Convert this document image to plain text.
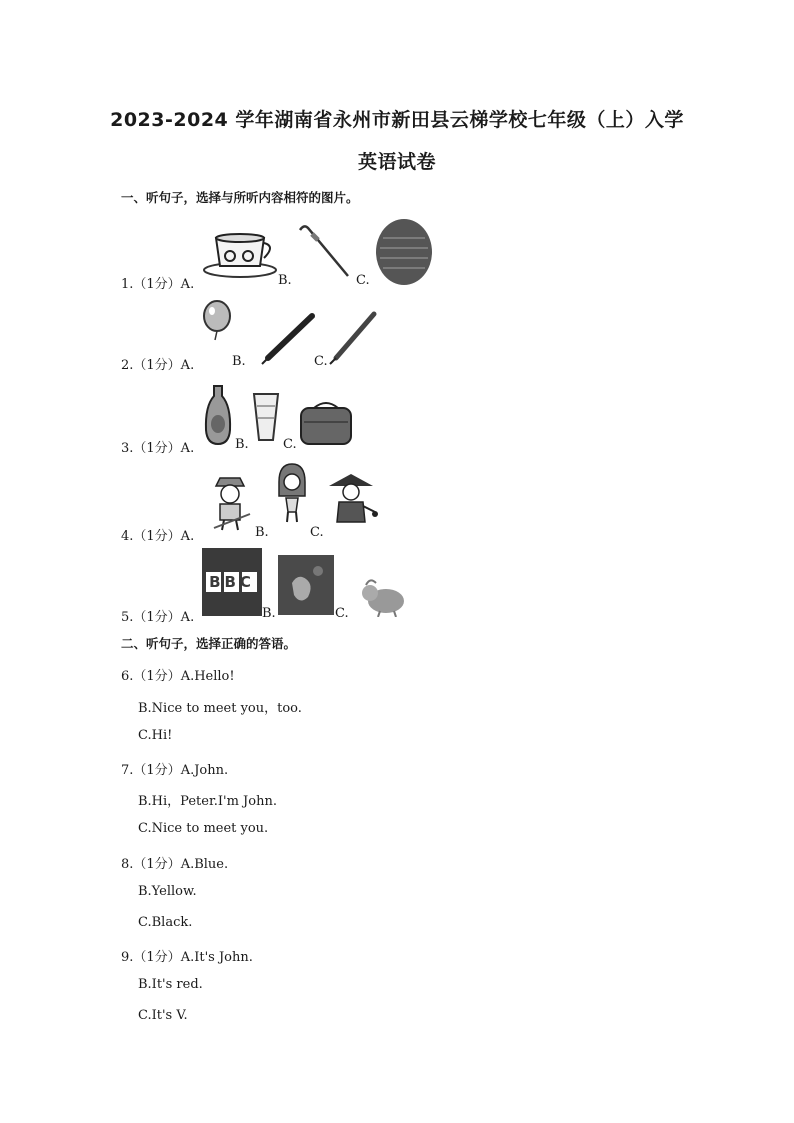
2023-2024 学年湖南省永州市新田县云梯学校七年级（上）入学
英语试卷
一、听句子，选择与所听内容相符的图片。
1.（1分）A.	B.	C.
2.（1分）A.	B.	C.
3.（1分）A.	B.	C.
4.（1分）A.	B.	C.
5.（1分）A.
BBC
B.	C.
二、听句子，选择正确的答语。
6.（1分）A.Hello!
B.Nice to meet you，too.
C.Hi!
7.（1分）A.John.
B.Hi，Peter.I'm John.
C.Nice to meet you.
8.（1分）A.Blue.
B.Yellow.
C.Black.
9.（1分）A.It's John.
B.It's red.
C.It's V.
